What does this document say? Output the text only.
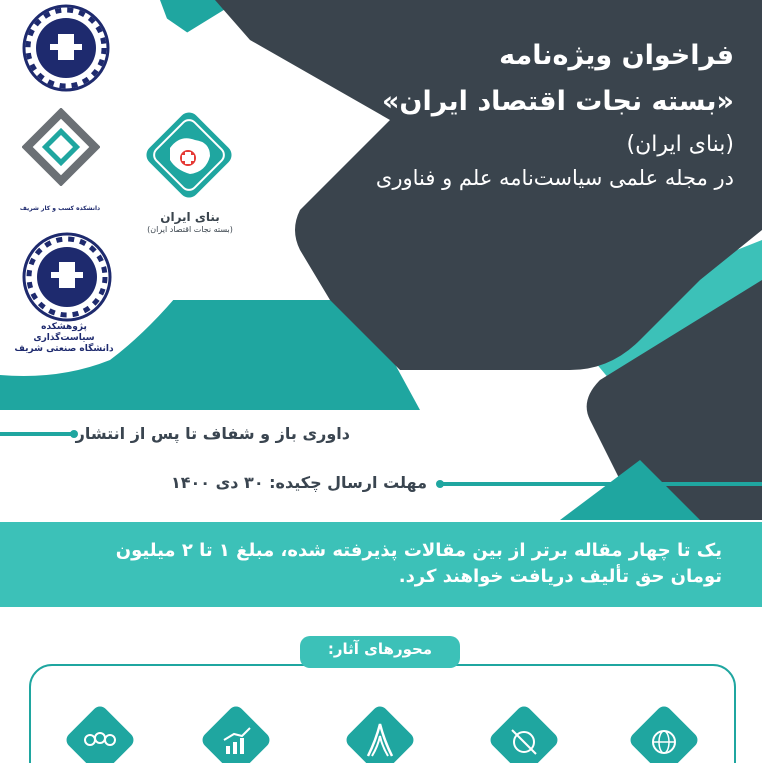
دانشکده کسب و کار شریف
پژوهشکده سیاست‌گذاری
دانشگاه صنعتی شریف
بنای ایران
(بسته نجات اقتصاد ایران)
فراخوان ویژه‌نامه
«بسته نجات اقتصاد ایران»
(بنای ایران)
در مجله علمی سیاست‌نامه علم و فناوری
داوری باز و شفاف تا پس از انتشار
مهلت ارسال چکیده: ۳۰ دی ۱۴۰۰
یک تا چهار مقاله برتر از بین مقالات پذیرفته شده، مبلغ ۱ تا ۲ میلیون
تومان حق تألیف دریافت خواهند کرد.
محورهای آثار:
